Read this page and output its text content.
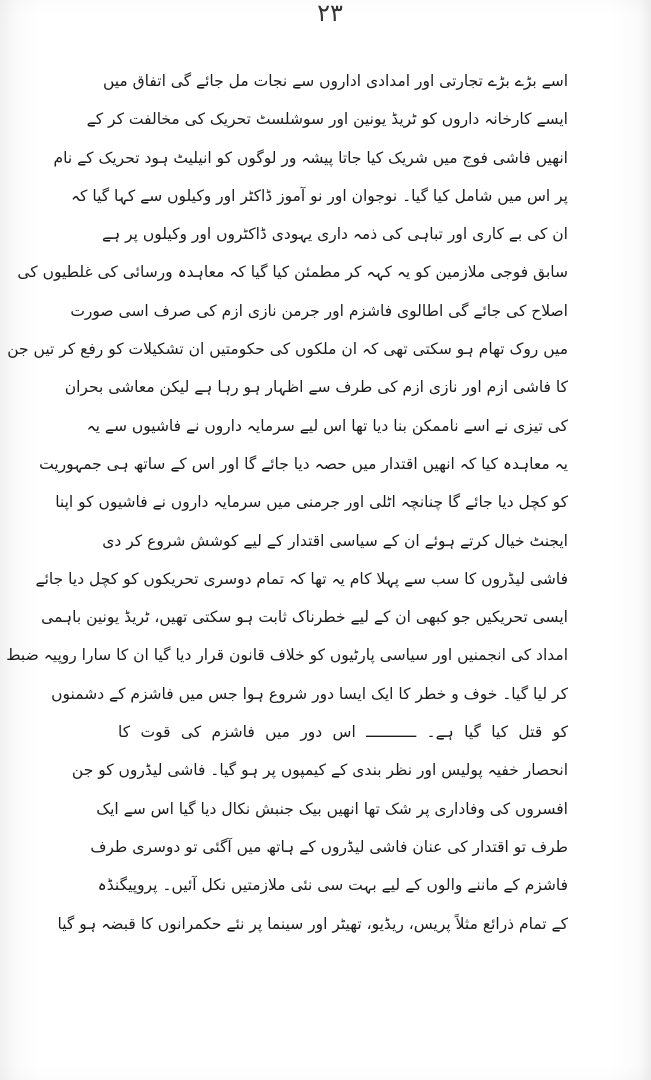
۲۳
اسے بڑے بڑے تجارتی اور امدادی اداروں سے نجات مل جائے گی اتفاق میں
ایسے کارخانہ داروں کو ٹریڈ یونین اور سوشلسٹ تحریک کی مخالفت کر کے
انھیں فاشی فوج میں شریک کیا جاتا پیشہ ور لوگوں کو انیلیٹ ہود تحریک کے نام
پر اس میں شامل کیا گیا۔ نوجوان اور نو آموز ڈاکٹر اور وکیلوں سے کہا گیا کہ
ان کی بے کاری اور تباہی کی ذمہ داری یہودی ڈاکٹروں اور وکیلوں پر ہے
سابق فوجی ملازمین کو یہ کہہ کر مطمئن کیا گیا کہ معاہدہ ورسائی کی غلطیوں کی
اصلاح کی جائے گی اطالوی فاشزم اور جرمن نازی ازم کی صرف اسی صورت
میں روک تھام ہو سکتی تھی کہ ان ملکوں کی حکومتیں ان تشکیلات کو رفع کر تیں جن
کا فاشی ازم اور نازی ازم کی طرف سے اظہار ہو رہا ہے لیکن معاشی بحران
کی تیزی نے اسے ناممکن بنا دیا تھا اس لیے سرمایہ داروں نے فاشیوں سے یہ
یہ معاہدہ کیا کہ انھیں اقتدار میں حصہ دیا جائے گا اور اس کے ساتھ ہی جمہوریت
کو کچل دیا جائے گا چنانچہ اٹلی اور جرمنی میں سرمایہ داروں نے فاشیوں کو اپنا
ایجنٹ خیال کرتے ہوئے ان کے سیاسی اقتدار کے لیے کوشش شروع کر دی
فاشی لیڈروں کا سب سے پہلا کام یہ تھا کہ تمام دوسری تحریکوں کو کچل دیا جائے
ایسی تحریکیں جو کبھی ان کے لیے خطرناک ثابت ہو سکتی تھیں، ٹریڈ یونین باہمی
امداد کی انجمنیں اور سیاسی پارٹیوں کو خلاف قانون قرار دیا گیا ان کا سارا روپیہ ضبط
کر لیا گیا۔ خوف و خطر کا ایک ایسا دور شروع ہوا جس میں فاشزم کے دشمنوں
کو قتل کیا گیا ہے۔ ـــــــــــ اس دور میں فاشزم کی قوت کا
انحصار خفیہ پولیس اور نظر بندی کے کیمپوں پر ہو گیا۔ فاشی لیڈروں کو جن
افسروں کی وفاداری پر شک تھا انھیں بیک جنبش نکال دیا گیا اس سے ایک
طرف تو اقتدار کی عنان فاشی لیڈروں کے ہاتھ میں آگئی تو دوسری طرف
فاشزم کے ماننے والوں کے لیے بہت سی نئی ملازمتیں نکل آئیں۔ پروپیگنڈہ
کے تمام ذرائع مثلاً پریس، ریڈیو، تھیٹر اور سینما پر نئے حکمرانوں کا قبضہ ہو گیا
